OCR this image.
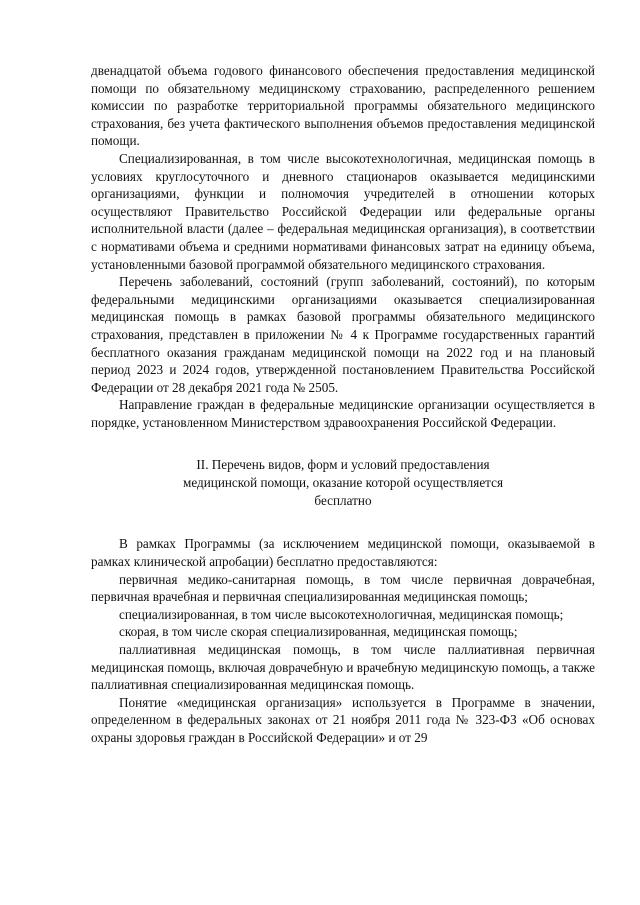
двенадцатой объема годового финансового обеспечения предоставления медицинской помощи по обязательному медицинскому страхованию, распределенного решением комиссии по разработке территориальной программы обязательного медицинского страхования, без учета фактического выполнения объемов предоставления медицинской помощи.

Специализированная, в том числе высокотехнологичная, медицинская помощь в условиях круглосуточного и дневного стационаров оказывается медицинскими организациями, функции и полномочия учредителей в отношении которых осуществляют Правительство Российской Федерации или федеральные органы исполнительной власти (далее – федеральная медицинская организация), в соответствии с нормативами объема и средними нормативами финансовых затрат на единицу объема, установленными базовой программой обязательного медицинского страхования.

Перечень заболеваний, состояний (групп заболеваний, состояний), по которым федеральными медицинскими организациями оказывается специализированная медицинская помощь в рамках базовой программы обязательного медицинского страхования, представлен в приложении № 4 к Программе государственных гарантий бесплатного оказания гражданам медицинской помощи на 2022 год и на плановый период 2023 и 2024 годов, утвержденной постановлением Правительства Российской Федерации от 28 декабря 2021 года № 2505.

Направление граждан в федеральные медицинские организации осуществляется в порядке, установленном Министерством здравоохранения Российской Федерации.

II. Перечень видов, форм и условий предоставления
медицинской помощи, оказание которой осуществляется
бесплатно

В рамках Программы (за исключением медицинской помощи, оказываемой в рамках клинической апробации) бесплатно предоставляются:

первичная медико-санитарная помощь, в том числе первичная доврачебная, первичная врачебная и первичная специализированная медицинская помощь;

специализированная, в том числе высокотехнологичная, медицинская помощь;

скорая, в том числе скорая специализированная, медицинская помощь;

паллиативная медицинская помощь, в том числе паллиативная первичная медицинская помощь, включая доврачебную и врачебную медицинскую помощь, а также паллиативная специализированная медицинская помощь.

Понятие «медицинская организация» используется в Программе в значении, определенном в федеральных законах от 21 ноября 2011 года № 323-ФЗ «Об основах охраны здоровья граждан в Российской Федерации» и от 29
